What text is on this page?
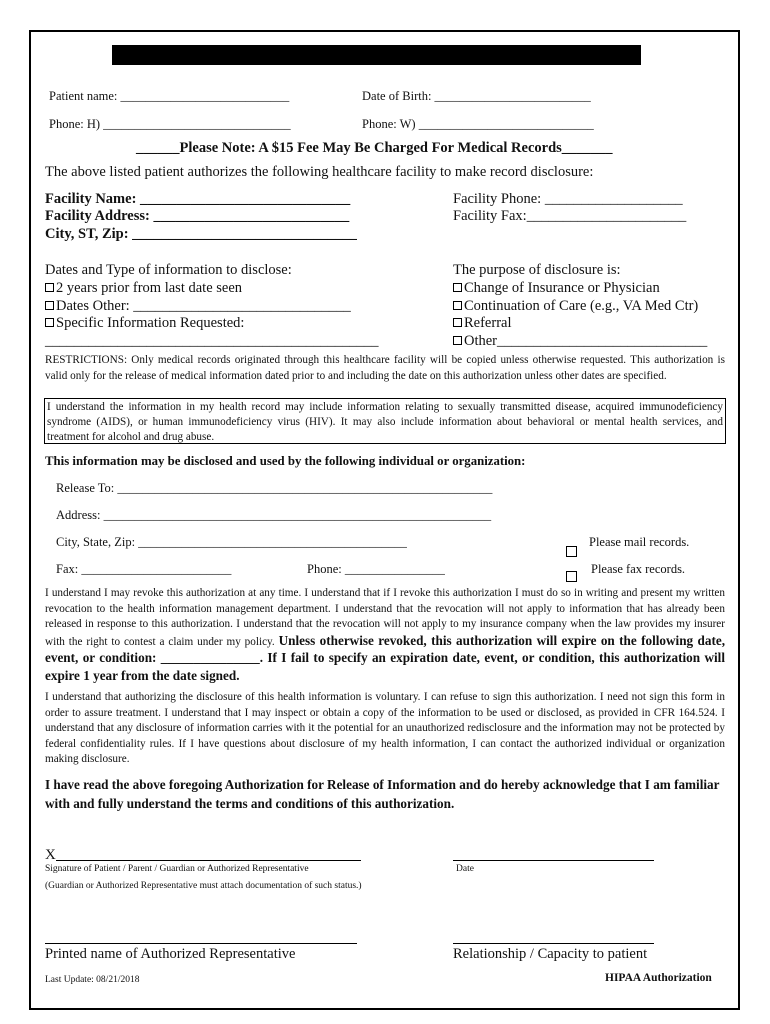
Patient name: ___________________________	Date of Birth: _________________________
Phone: H) ______________________________	Phone: W) ____________________________
______Please Note: A $15 Fee May Be Charged For Medical Records_______
The above listed patient authorizes the following healthcare facility to make record disclosure:
Facility Name: _____________________________
Facility Address: ___________________________
City, ST, Zip: _______________________________
Facility Phone: ___________________
Facility Fax:______________________
Dates and Type of information to disclose:
2 years prior from last date seen
Dates Other: ______________________________
Specific Information Requested:
______________________________________________
The purpose of disclosure is:
Change of Insurance or Physician
Continuation of Care (e.g., VA Med Ctr)
Referral
Other_____________________________
RESTRICTIONS: Only medical records originated through this healthcare facility will be copied unless otherwise requested. This authorization is valid only for the release of medical information dated prior to and including the date on this authorization unless other dates are specified.
I understand the information in my health record may include information relating to sexually transmitted disease, acquired immunodeficiency syndrome (AIDS), or human immunodeficiency virus (HIV). It may also include information about behavioral or mental health services, and treatment for alcohol and drug abuse.
This information may be disclosed and used by the following individual or organization:
Release To: ____________________________________________________________
Address: ______________________________________________________________
City, State, Zip: ___________________________________________
Fax: ________________________	Phone: ________________
Please mail records.
Please fax records.
I understand I may revoke this authorization at any time. I understand that if I revoke this authorization I must do so in writing and present my written revocation to the health information management department. I understand that the revocation will not apply to information that has already been released in response to this authorization. I understand that the revocation will not apply to my insurance company when the law provides my insurer with the right to contest a claim under my policy. Unless otherwise revoked, this authorization will expire on the following date, event, or condition: _______________. If I fail to specify an expiration date, event, or condition, this authorization will expire 1 year from the date signed.
I understand that authorizing the disclosure of this health information is voluntary. I can refuse to sign this authorization. I need not sign this form in order to assure treatment. I understand that I may inspect or obtain a copy of the information to be used or disclosed, as provided in CFR 164.524. I understand that any disclosure of information carries with it the potential for an unauthorized redisclosure and the information may not be protected by federal confidentiality rules. If I have questions about disclosure of my health information, I can contact the authorized individual or organization making disclosure.
I have read the above foregoing Authorization for Release of Information and do hereby acknowledge that I am familiar with and fully understand the terms and conditions of this authorization.
X
Signature of Patient / Parent / Guardian or Authorized Representative	Date
(Guardian or Authorized Representative must attach documentation of such status.)
Printed name of Authorized Representative	Relationship / Capacity to patient
Last Update: 08/21/2018	HIPAA Authorization
